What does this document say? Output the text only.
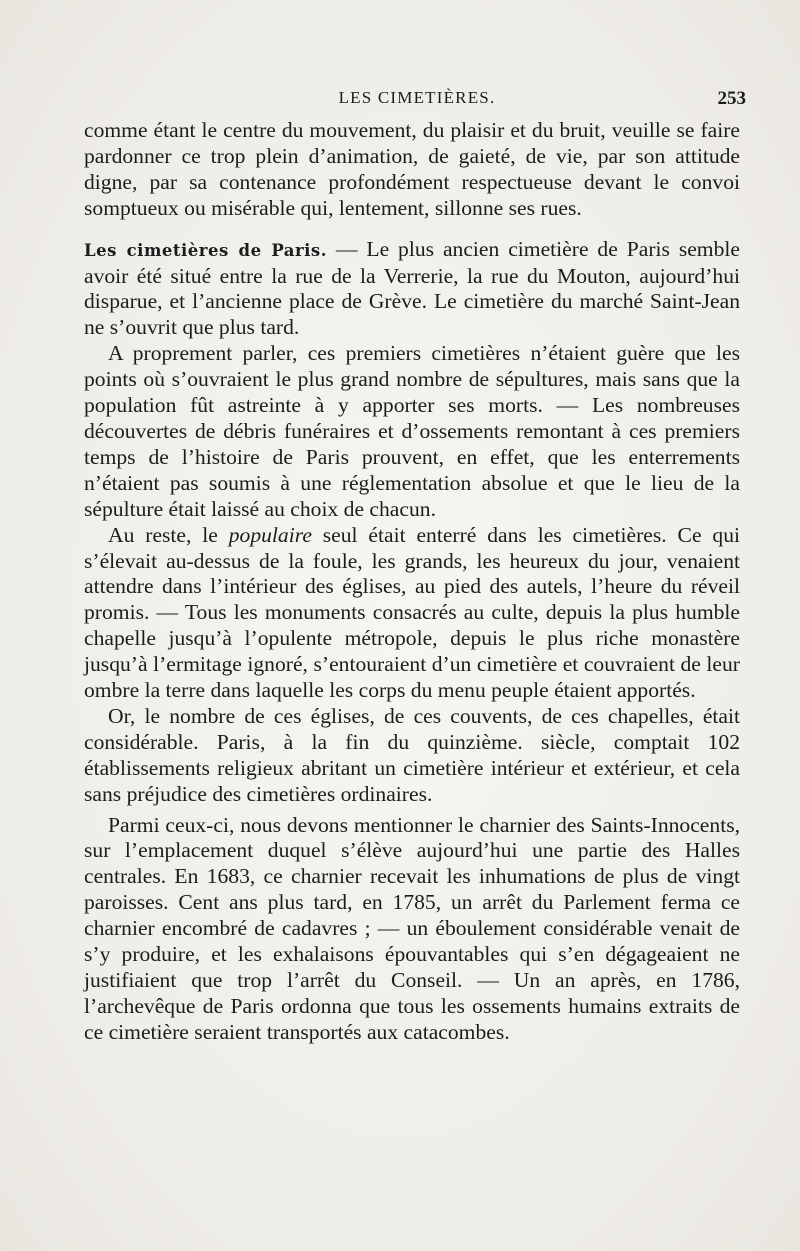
LES CIMETIÈRES.	253

comme étant le centre du mouvement, du plaisir et du bruit, veuille se faire pardonner ce trop plein d’animation, de gaieté, de vie, par son attitude digne, par sa contenance profondément respectueuse devant le convoi somptueux ou misérable qui, lentement, sillonne ses rues.

Les cimetières de Paris. — Le plus ancien cimetière de Paris semble avoir été situé entre la rue de la Verrerie, la rue du Mouton, aujourd’hui disparue, et l’ancienne place de Grève. Le cimetière du marché Saint-Jean ne s’ouvrit que plus tard.

A proprement parler, ces premiers cimetières n’étaient guère que les points où s’ouvraient le plus grand nombre de sépultures, mais sans que la population fût astreinte à y apporter ses morts. — Les nombreuses découvertes de débris funéraires et d’ossements remontant à ces premiers temps de l’histoire de Paris prouvent, en effet, que les enterrements n’étaient pas soumis à une réglementation absolue et que le lieu de la sépulture était laissé au choix de chacun.

Au reste, le populaire seul était enterré dans les cimetières. Ce qui s’élevait au-dessus de la foule, les grands, les heureux du jour, venaient attendre dans l’intérieur des églises, au pied des autels, l’heure du réveil promis. — Tous les monuments consacrés au culte, depuis la plus humble chapelle jusqu’à l’opulente métropole, depuis le plus riche monastère jusqu’à l’ermitage ignoré, s’entouraient d’un cimetière et couvraient de leur ombre la terre dans laquelle les corps du menu peuple étaient apportés.

Or, le nombre de ces églises, de ces couvents, de ces chapelles, était considérable. Paris, à la fin du quinzième. siècle, comptait 102 établissements religieux abritant un cimetière intérieur et extérieur, et cela sans préjudice des cimetières ordinaires.

Parmi ceux-ci, nous devons mentionner le charnier des Saints-Innocents, sur l’emplacement duquel s’élève aujourd’hui une partie des Halles centrales. En 1683, ce charnier recevait les inhumations de plus de vingt paroisses. Cent ans plus tard, en 1785, un arrêt du Parlement ferma ce charnier encombré de cadavres ; — un éboulement considérable venait de s’y produire, et les exhalaisons épouvantables qui s’en dégageaient ne justifiaient que trop l’arrêt du Conseil. — Un an après, en 1786, l’archevêque de Paris ordonna que tous les ossements humains extraits de ce cimetière seraient transportés aux catacombes.
